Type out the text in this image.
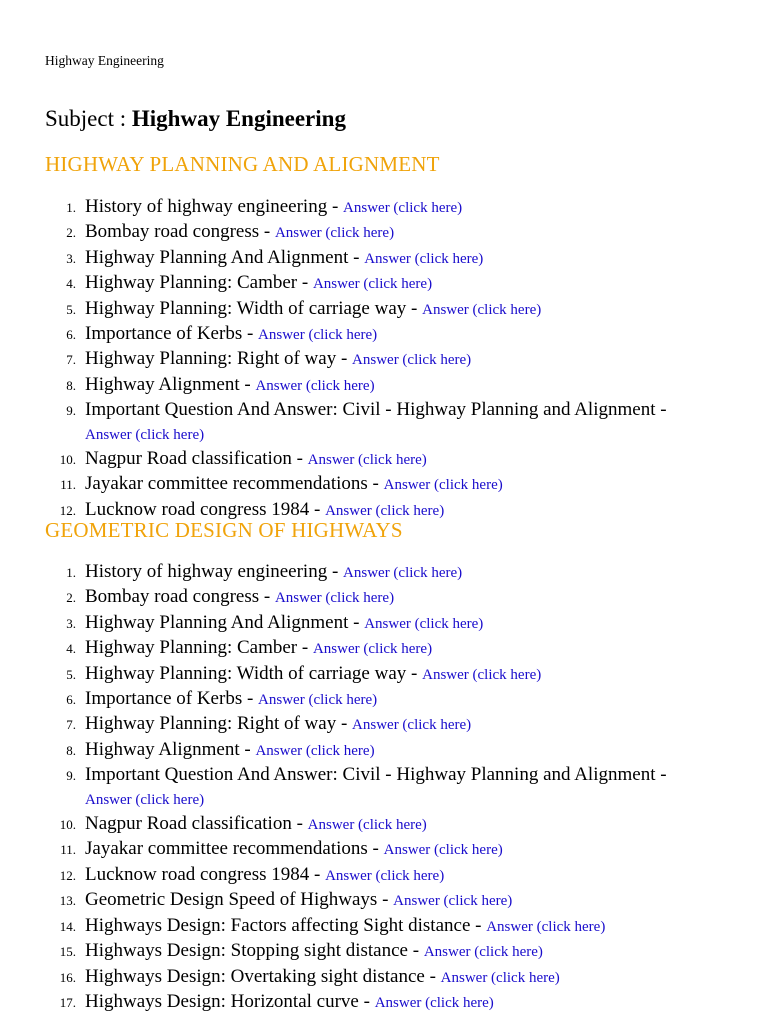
Highway Engineering
Subject : Highway Engineering
HIGHWAY PLANNING AND ALIGNMENT
1. History of highway engineering - Answer (click here)
2. Bombay road congress - Answer (click here)
3. Highway Planning And Alignment - Answer (click here)
4. Highway Planning: Camber - Answer (click here)
5. Highway Planning: Width of carriage way - Answer (click here)
6. Importance of Kerbs - Answer (click here)
7. Highway Planning: Right of way - Answer (click here)
8. Highway Alignment - Answer (click here)
9. Important Question And Answer: Civil - Highway Planning and Alignment - Answer (click here)
10. Nagpur Road classification - Answer (click here)
11. Jayakar committee recommendations - Answer (click here)
12. Lucknow road congress 1984 - Answer (click here)
GEOMETRIC DESIGN OF HIGHWAYS
1. History of highway engineering - Answer (click here)
2. Bombay road congress - Answer (click here)
3. Highway Planning And Alignment - Answer (click here)
4. Highway Planning: Camber - Answer (click here)
5. Highway Planning: Width of carriage way - Answer (click here)
6. Importance of Kerbs - Answer (click here)
7. Highway Planning: Right of way - Answer (click here)
8. Highway Alignment - Answer (click here)
9. Important Question And Answer: Civil - Highway Planning and Alignment - Answer (click here)
10. Nagpur Road classification - Answer (click here)
11. Jayakar committee recommendations - Answer (click here)
12. Lucknow road congress 1984 - Answer (click here)
13. Geometric Design Speed of Highways - Answer (click here)
14. Highways Design: Factors affecting Sight distance - Answer (click here)
15. Highways Design: Stopping sight distance - Answer (click here)
16. Highways Design: Overtaking sight distance - Answer (click here)
17. Highways Design: Horizontal curve - Answer (click here)
